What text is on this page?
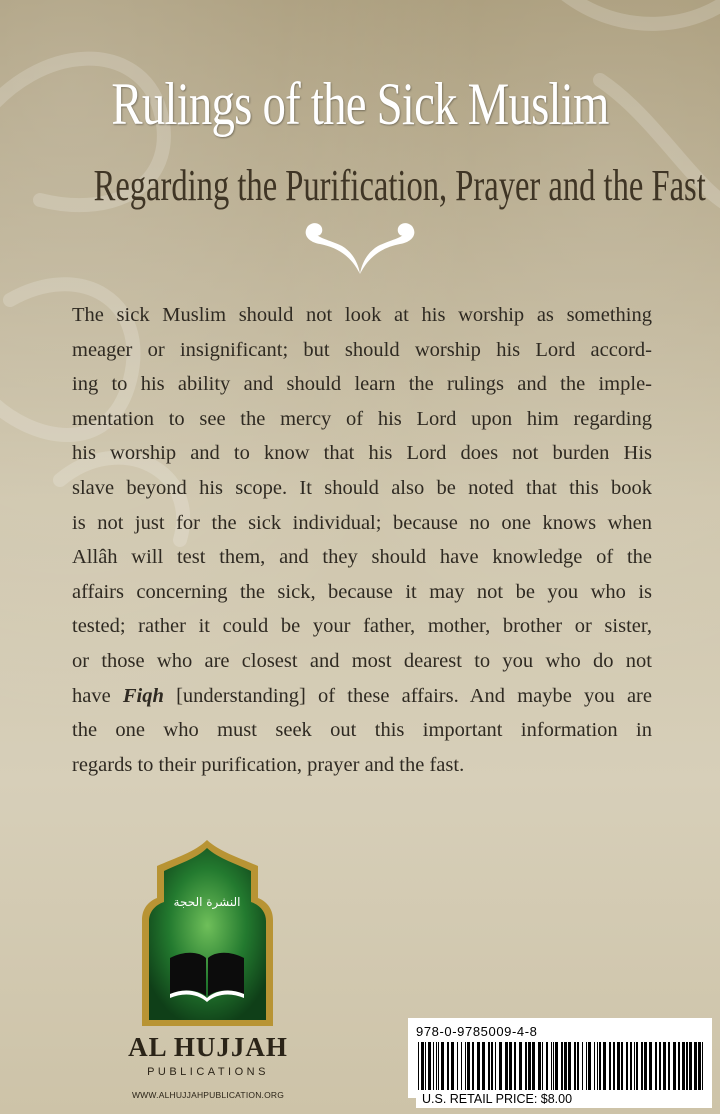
Rulings of the Sick Muslim
Regarding the Purification, Prayer and the Fast
The sick Muslim should not look at his worship as something
meager or insignificant; but should worship his Lord accord-
ing to his ability and should learn the rulings and the imple-
mentation to see the mercy of his Lord upon him regarding
his worship and to know that his Lord does not burden His
slave beyond his scope. It should also be noted that this book
is not just for the sick individual; because no one knows when
Allâh will test them, and they should have knowledge of the
affairs concerning the sick, because it may not be you who is
tested; rather it could be your father, mother, brother or sister,
or those who are closest and most dearest to you who do not
have Fiqh [understanding] of these affairs. And maybe you are
the one who must seek out this important information in
regards to their purification, prayer and the fast.
النشرة الحجة
AL HUJJAH
PUBLICATIONS
WWW.ALHUJJAHPUBLICATION.ORG
978-0-9785009-4-8
U.S. RETAIL PRICE: $8.00
